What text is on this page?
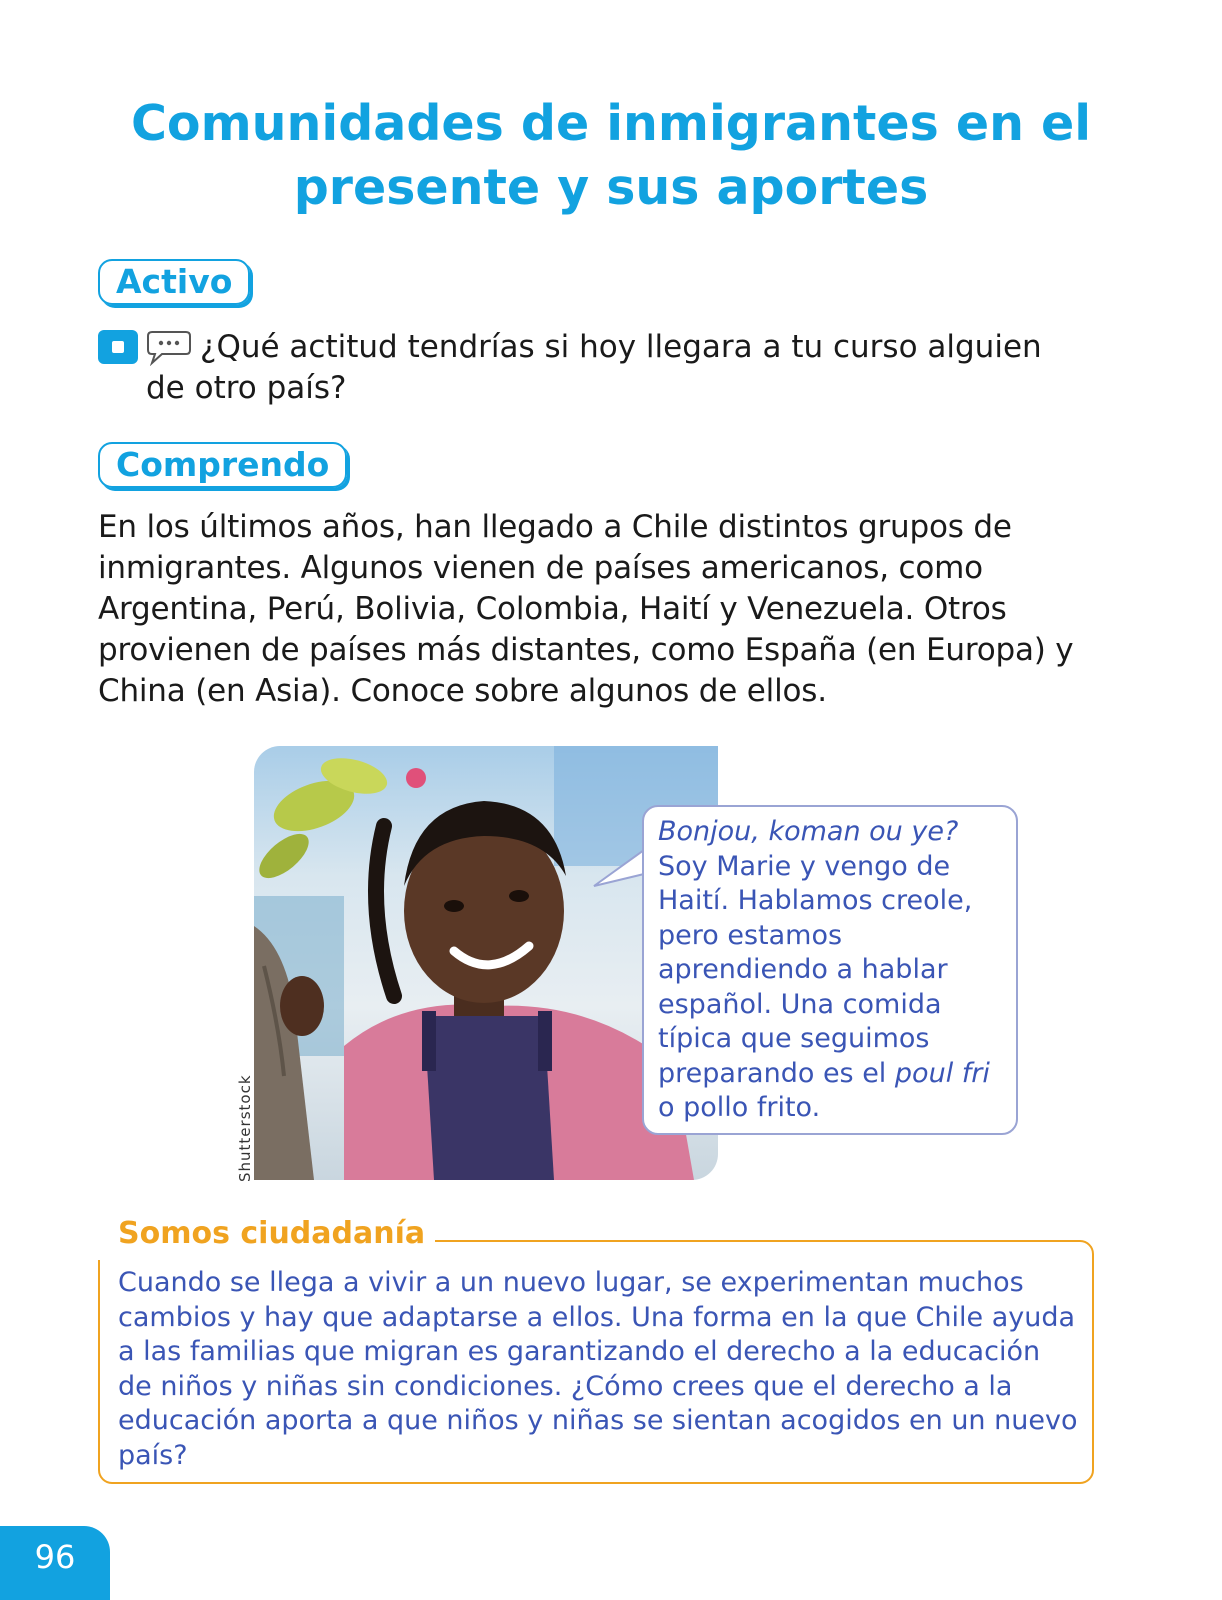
Comunidades de inmigrantes en el
presente y sus aportes
Activo
¿Qué actitud tendrías si hoy llegara a tu curso alguien de otro país?
Comprendo
En los últimos años, han llegado a Chile distintos grupos de inmigrantes. Algunos vienen de países americanos, como Argentina, Perú, Bolivia, Colombia, Haití y Venezuela. Otros provienen de países más distantes, como España (en Europa) y China (en Asia). Conoce sobre algunos de ellos.
Shutterstock
Bonjou, koman ou ye? Soy Marie y vengo de Haití. Hablamos creole, pero estamos aprendiendo a hablar español. Una comida típica que seguimos preparando es el poul fri o pollo frito.
Somos ciudadanía
Cuando se llega a vivir a un nuevo lugar, se experimentan muchos cambios y hay que adaptarse a ellos. Una forma en la que Chile ayuda a las familias que migran es garantizando el derecho a la educación de niños y niñas sin condiciones. ¿Cómo crees que el derecho a la educación aporta a que niños y niñas se sientan acogidos en un nuevo país?
96
